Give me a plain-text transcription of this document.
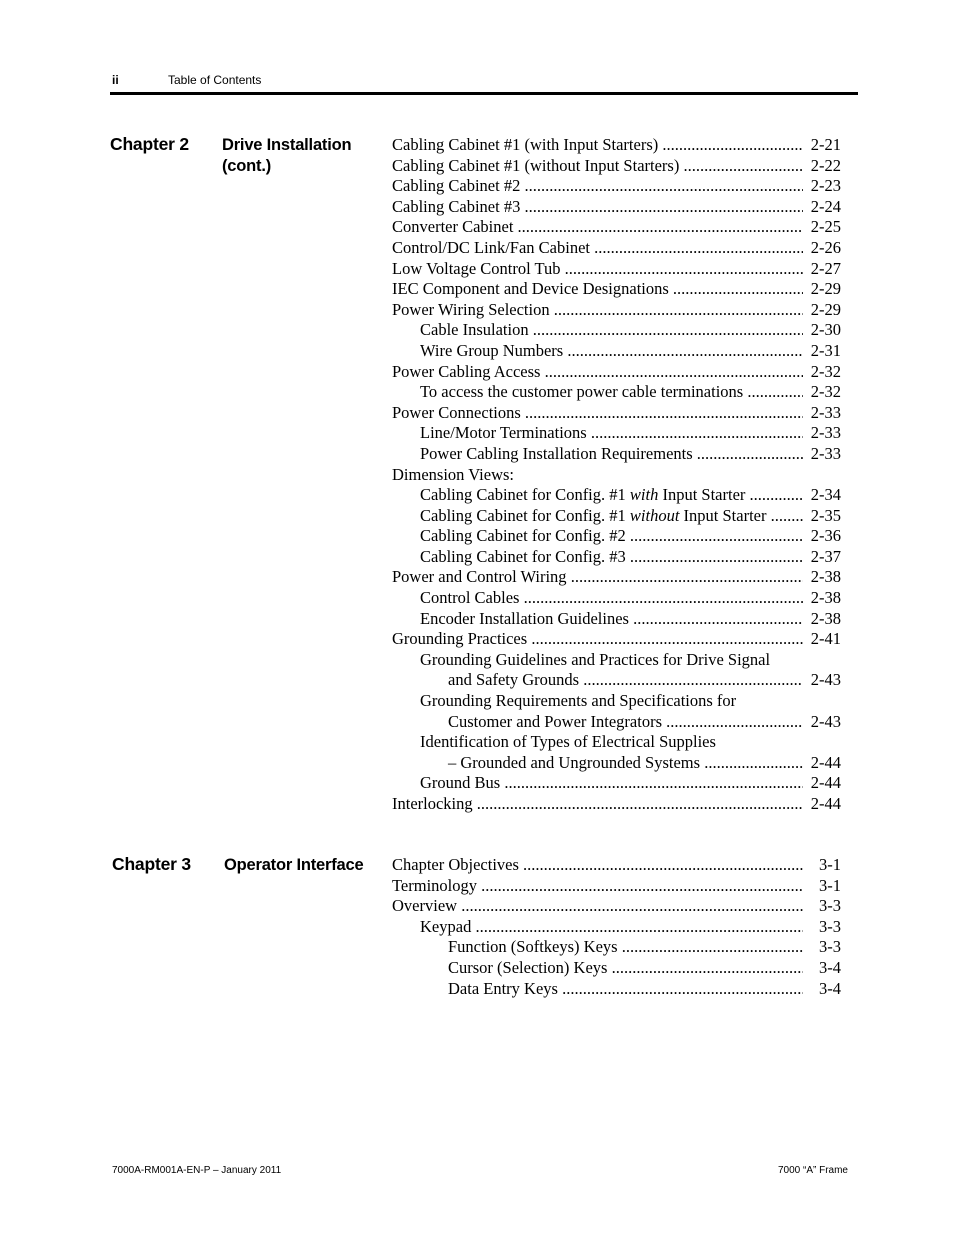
ii	Table of Contents
Chapter 2 Drive Installation
(cont.)
Cabling Cabinet #1 (with Input Starters) .....	2-21
Cabling Cabinet #1 (without Input Starters) .....	2-22
Cabling Cabinet #2 .....	2-23
Cabling Cabinet #3 .....	2-24
Converter Cabinet .....	2-25
Control/DC Link/Fan Cabinet .....	2-26
Low Voltage Control Tub .....	2-27
IEC Component and Device Designations .....	2-29
Power Wiring Selection .....	2-29
Cable Insulation .....	2-30
Wire Group Numbers .....	2-31
Power Cabling Access .....	2-32
To access the customer power cable terminations .....	2-32
Power Connections .....	2-33
Line/Motor Terminations .....	2-33
Power Cabling Installation Requirements .....	2-33
Dimension Views:
Cabling Cabinet for Config. #1 with Input Starter .....	2-34
Cabling Cabinet for Config. #1 without Input Starter .....	2-35
Cabling Cabinet for Config. #2 .....	2-36
Cabling Cabinet for Config. #3 .....	2-37
Power and Control Wiring .....	2-38
Control Cables .....	2-38
Encoder Installation Guidelines .....	2-38
Grounding Practices .....	2-41
Grounding Guidelines and Practices for Drive Signal
and Safety Grounds .....	2-43
Grounding Requirements and Specifications for
Customer and Power Integrators .....	2-43
Identification of Types of Electrical Supplies
– Grounded and Ungrounded Systems .....	2-44
Ground Bus .....	2-44
Interlocking .....	2-44
Chapter 3 Operator Interface Chapter Objectives .....	3-1
Terminology .....	3-1
Overview .....	3-3
Keypad .....	3-3
Function (Softkeys) Keys .....	3-3
Cursor (Selection) Keys .....	3-4
Data Entry Keys .....	3-4
7000A-RM001A-EN-P – January 2011	7000 “A” Frame
